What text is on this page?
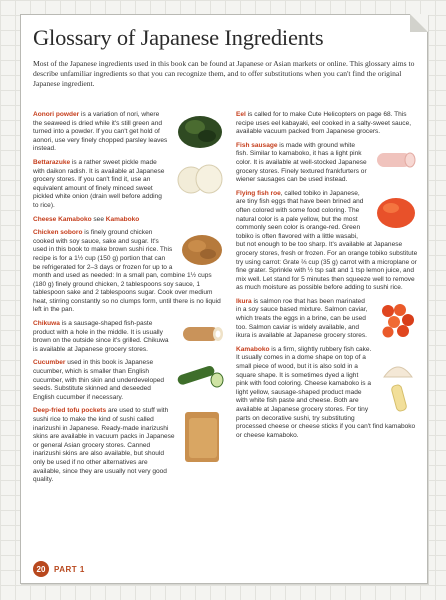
Glossary of Japanese Ingredients
Most of the Japanese ingredients used in this book can be found at Japanese or Asian markets or online. This glossary aims to describe unfamiliar ingredients so that you can recognize them, and to offer substitutions when you can't find the original Japanese ingredient.
Aonori powder is a variation of nori, where the seaweed is dried while it's still green and turned into a powder. If you can't get hold of aonori, use very finely chopped parsley leaves instead.
Bettarazuke is a rather sweet pickle made with daikon radish. It is available at Japanese grocery stores. If you can't find it, use an equivalent amount of finely minced sweet pickled white onion (drain well before adding to rice).
Cheese Kamaboko see Kamaboko
Chicken soboro is finely ground chicken cooked with soy sauce, sake and sugar. It's used in this book to make brown sushi rice. This recipe is for a 1½ cup (150 g) portion that can be refrigerated for 2–3 days or frozen for up to a month and used as needed: In a small pan, combine 1½ cups (180 g) finely ground chicken, 2 tablespoons soy sauce, 1 tablespoon sake and 2 tablespoons sugar. Cook over medium heat, stirring constantly so no clumps form, until there is no liquid left in the pan.
Chikuwa is a sausage-shaped fish-paste product with a hole in the middle. It is usually brown on the outside since it's grilled. Chikuwa is available at Japanese grocery stores.
Cucumber used in this book is Japanese cucumber, which is smaller than English cucumber, with thin skin and underdeveloped seeds. Substitute skinned and deseeded English cucumber if necessary.
Deep-fried tofu pockets are used to stuff with sushi rice to make the kind of sushi called inarizushi in Japanese. Ready-made inarizushi skins are available in vacuum packs in Japanese or general Asian grocery stores. Canned inarizushi skins are also available, but should only be used if no other alternatives are available, since they are usually not very good quality.
Eel is called for to make Cute Helicopters on page 68. This recipe uses eel kabayaki, eel cooked in a salty-sweet sauce, available vacuum packed from Japanese grocers.
Fish sausage is made with ground white fish. Similar to kamaboko, it has a light pink color. It is available at well-stocked Japanese grocery stores. Finely textured frankfurters or wiener sausages can be used instead.
Flying fish roe, called tobiko in Japanese, are tiny fish eggs that have been brined and often colored with some food coloring. The natural color is a pale yellow, but the most commonly seen color is orange-red. Green tobiko is often flavored with a little wasabi, but not enough to be too sharp. It's available at Japanese grocery stores, fresh or frozen. For an orange tobiko substitute try using carrot: Grate ⅔ cup (35 g) carrot with a microplane or fine grater. Sprinkle with ½ tsp salt and 1 tsp lemon juice, and mix well. Let stand for 5 minutes then squeeze well to remove as much moisture as possible before adding to sushi rice.
Ikura is salmon roe that has been marinated in a soy sauce based mixture. Salmon caviar, which treats the eggs in a brine, can be used too. Salmon caviar is widely available, and ikura is available at Japanese grocery stores.
Kamaboko is a firm, slightly rubbery fish cake. It usually comes in a dome shape on top of a small piece of wood, but it is also sold in a square shape. It is sometimes dyed a light pink with food coloring. Cheese kamaboko is a light yellow, sausage-shaped product made with white fish paste and cheese. Both are available at Japanese grocery stores. For tiny parts on decorative sushi, try substituting processed cheese or cheese sticks if you can't find kamaboko or cheese kamaboko.
20	PART 1
